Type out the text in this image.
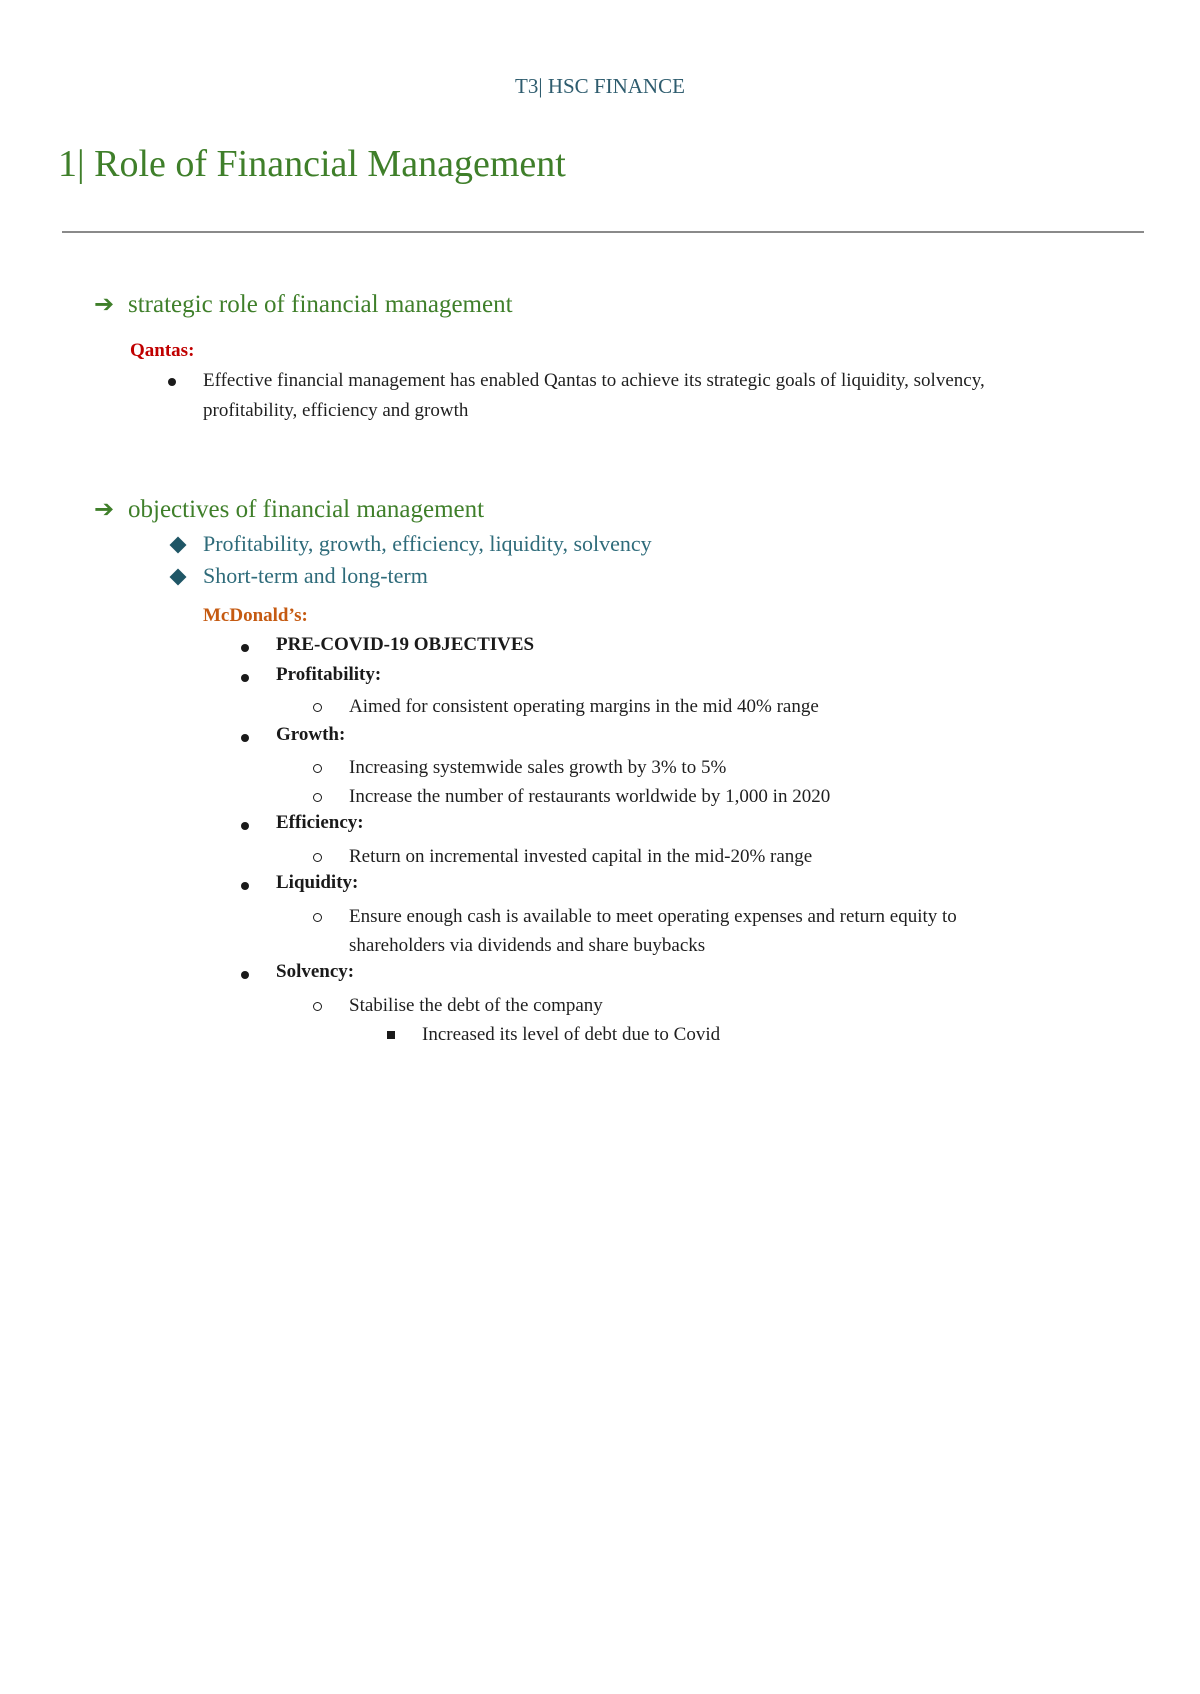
T3| HSC FINANCE
1| Role of Financial Management
➔ strategic role of financial management
Qantas:
Effective financial management has enabled Qantas to achieve its strategic goals of liquidity, solvency,
profitability, efficiency and growth
➔ objectives of financial management
Profitability, growth, efficiency, liquidity, solvency
Short-term and long-term
McDonald’s:
PRE-COVID-19 OBJECTIVES
Profitability:
Aimed for consistent operating margins in the mid 40% range
Growth:
Increasing systemwide sales growth by 3% to 5%
Increase the number of restaurants worldwide by 1,000 in 2020
Efficiency:
Return on incremental invested capital in the mid-20% range
Liquidity:
Ensure enough cash is available to meet operating expenses and return equity to
shareholders via dividends and share buybacks
Solvency:
Stabilise the debt of the company
Increased its level of debt due to Covid
